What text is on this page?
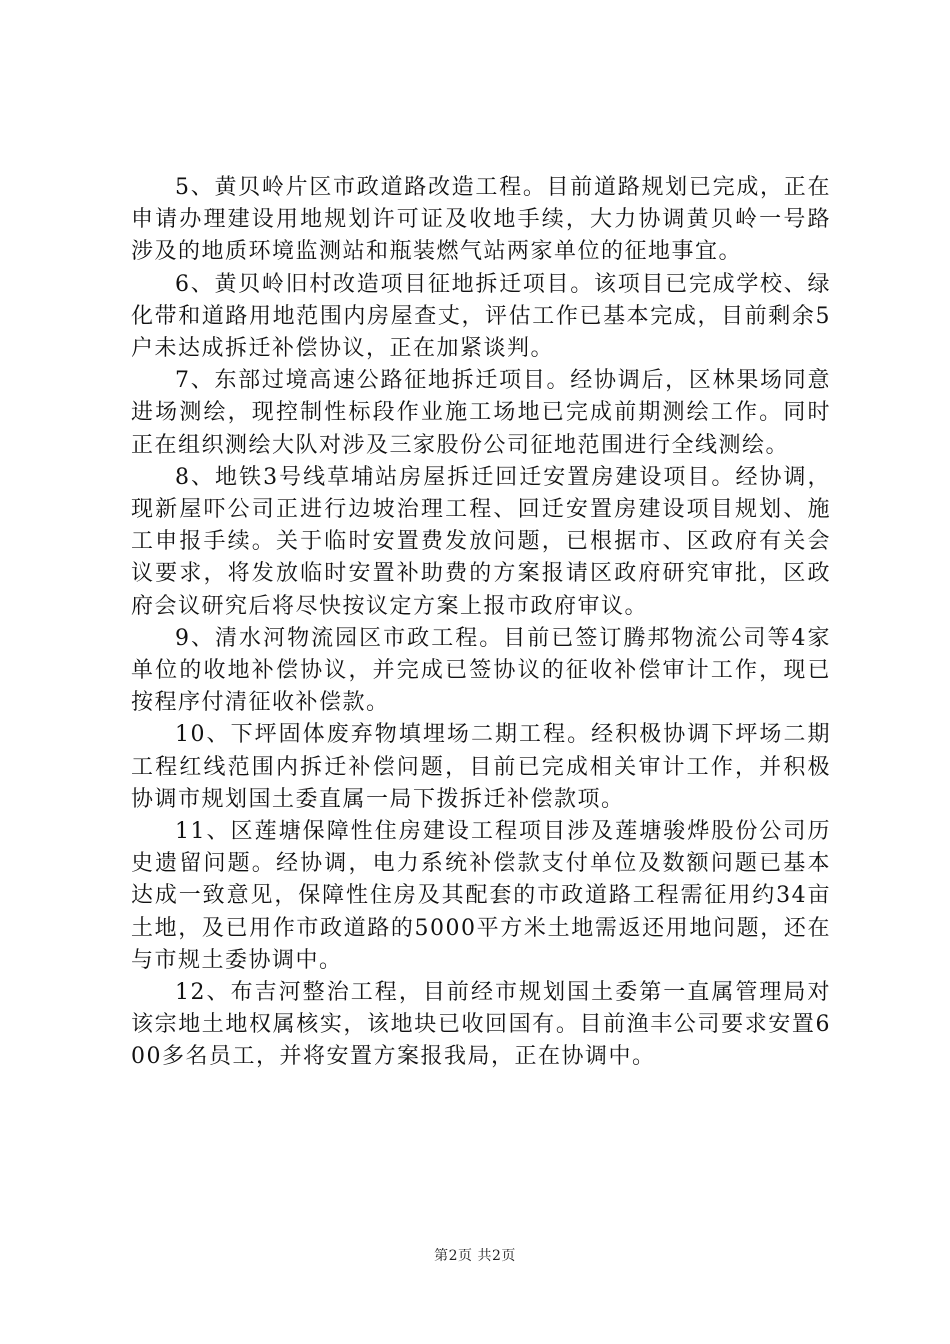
5、黄贝岭片区市政道路改造工程。目前道路规划已完成，正在申请办理建设用地规划许可证及收地手续，大力协调黄贝岭一号路涉及的地质环境监测站和瓶装燃气站两家单位的征地事宜。

6、黄贝岭旧村改造项目征地拆迁项目。该项目已完成学校、绿化带和道路用地范围内房屋查丈，评估工作已基本完成，目前剩余5户未达成拆迁补偿协议，正在加紧谈判。

7、东部过境高速公路征地拆迁项目。经协调后，区林果场同意进场测绘，现控制性标段作业施工场地已完成前期测绘工作。同时正在组织测绘大队对涉及三家股份公司征地范围进行全线测绘。

8、地铁3号线草埔站房屋拆迁回迁安置房建设项目。经协调，现新屋吓公司正进行边坡治理工程、回迁安置房建设项目规划、施工申报手续。关于临时安置费发放问题，已根据市、区政府有关会议要求，将发放临时安置补助费的方案报请区政府研究审批，区政府会议研究后将尽快按议定方案上报市政府审议。

9、清水河物流园区市政工程。目前已签订腾邦物流公司等4家单位的收地补偿协议，并完成已签协议的征收补偿审计工作，现已按程序付清征收补偿款。

10、下坪固体废弃物填埋场二期工程。经积极协调下坪场二期工程红线范围内拆迁补偿问题，目前已完成相关审计工作，并积极协调市规划国土委直属一局下拨拆迁补偿款项。

11、区莲塘保障性住房建设工程项目涉及莲塘骏烨股份公司历史遗留问题。经协调，电力系统补偿款支付单位及数额问题已基本达成一致意见，保障性住房及其配套的市政道路工程需征用约34亩土地，及已用作市政道路的5000平方米土地需返还用地问题，还在与市规土委协调中。

12、布吉河整治工程，目前经市规划国土委第一直属管理局对该宗地土地权属核实，该地块已收回国有。目前渔丰公司要求安置600多名员工，并将安置方案报我局，正在协调中。

第2页 共2页
